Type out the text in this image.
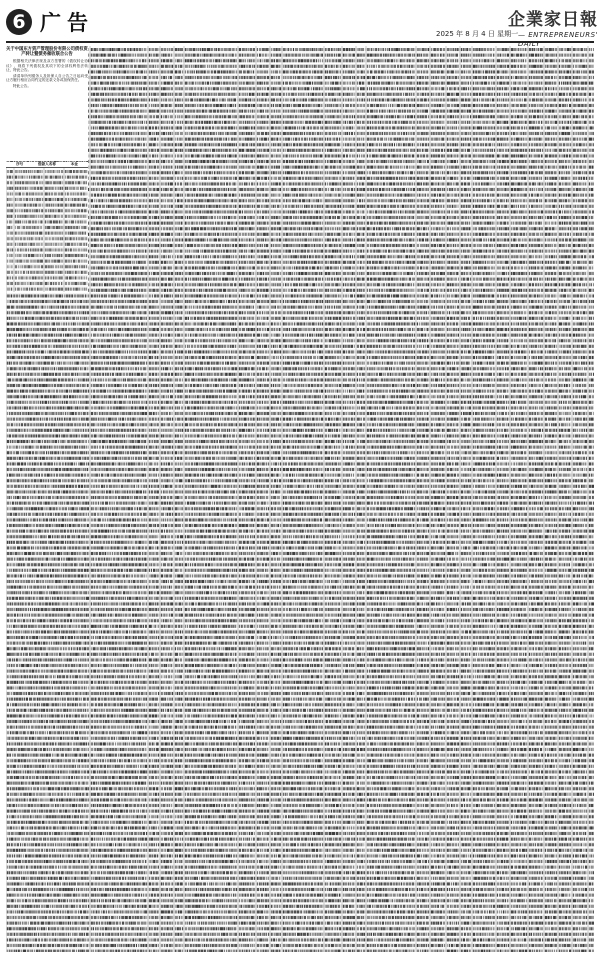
6 广告	2025 年 8 月 4 日 星期一
企業家日報
— ENTREPRENEURS' DAILY
关于中国东方资产管理股份有限公司债权资产转让暨债务催收联合公告

根据相关法律法规及双方签署的《债权转让协议》，现将下列债权及其项下的全部权利依法转让，特此公告。

请清单所列债务人及担保人自公告之日起向受让方履行相应合同约定的还款义务或担保责任。

特此公告。

序号	借款人名称	本金
